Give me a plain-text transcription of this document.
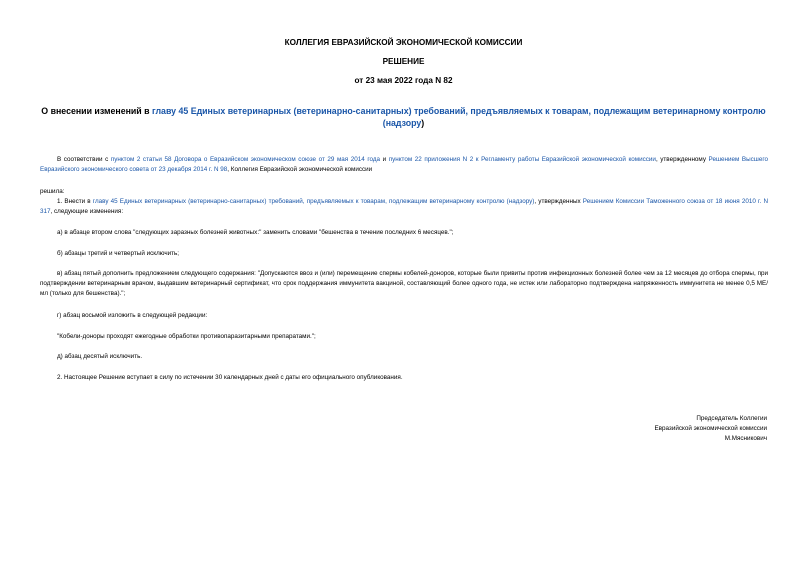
КОЛЛЕГИЯ ЕВРАЗИЙСКОЙ ЭКОНОМИЧЕСКОЙ КОМИССИИ
РЕШЕНИЕ
от 23 мая 2022 года N 82
О внесении изменений в главу 45 Единых ветеринарных (ветеринарно-санитарных) требований, предъявляемых к товарам, подлежащим ветеринарному контролю (надзору)
В соответствии с пунктом 2 статьи 58 Договора о Евразийском экономическом союзе от 29 мая 2014 года и пунктом 22 приложения N 2 к Регламенту работы Евразийской экономической комиссии, утвержденному Решением Высшего Евразийского экономического совета от 23 декабря 2014 г. N 98, Коллегия Евразийской экономической комиссии
решила:
1. Внести в главу 45 Единых ветеринарных (ветеринарно-санитарных) требований, предъявляемых к товарам, подлежащим ветеринарному контролю (надзору), утвержденных Решением Комиссии Таможенного союза от 18 июня 2010 г. N 317, следующие изменения:
а) в абзаце втором слова "следующих заразных болезней животных:" заменить словами "бешенства в течение последних 6 месяцев.";
б) абзацы третий и четвертый исключить;
в) абзац пятый дополнить предложением следующего содержания: "Допускаются ввоз и (или) перемещение спермы кобелей-доноров, которые были привиты против инфекционных болезней более чем за 12 месяцев до отбора спермы, при подтверждении ветеринарным врачом, выдавшим ветеринарный сертификат, что срок поддержания иммунитета вакциной, составляющий более одного года, не истек или лабораторно подтверждена напряженность иммунитета не менее 0,5 МЕ/мл (только для бешенства).";
г) абзац восьмой изложить в следующей редакции:
"Кобели-доноры проходят ежегодные обработки противопаразитарными препаратами.";
д) абзац десятый исключить.
2. Настоящее Решение вступает в силу по истечении 30 календарных дней с даты его официального опубликования.
Председатель Коллегии
Евразийской экономической комиссии
М.Мясникович
